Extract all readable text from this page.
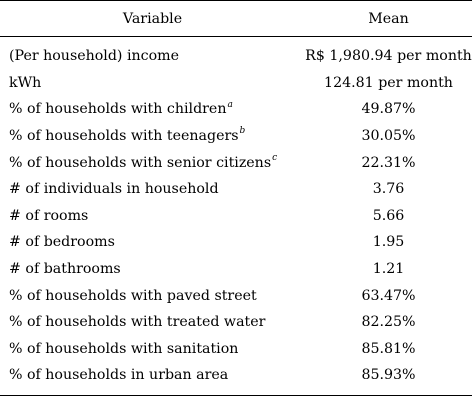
Variable	Mean
(Per household) income	R$ 1,980.94 per month
kWh	124.81 per month
% of households with children$^a$	49.87%
% of households with teenagers$^b$	30.05%
% of households with senior citizens$^c$	22.31%
# of individuals in household	3.76
# of rooms	5.66
# of bedrooms	1.95
# of bathrooms	1.21
% of households with paved street	63.47%
% of households with treated water	82.25%
% of households with sanitation	85.81%
% of households in urban area	85.93%
